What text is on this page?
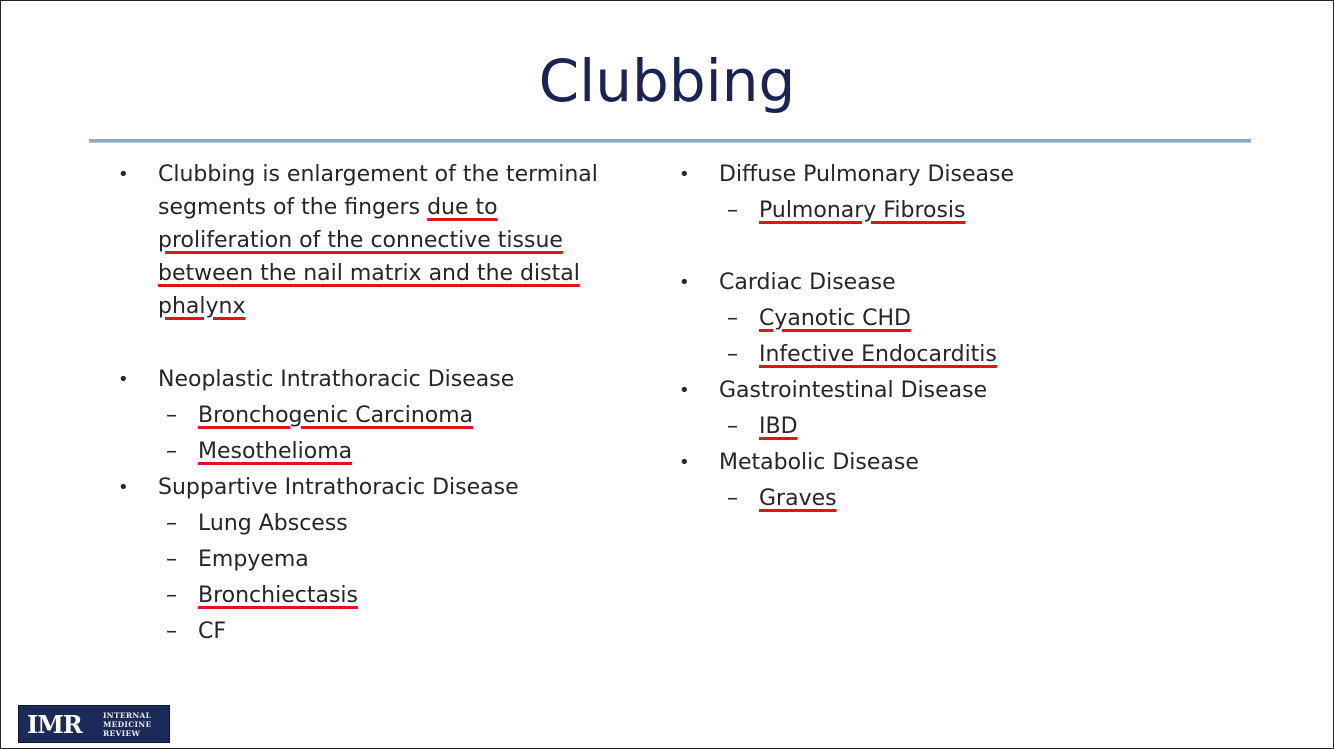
Clubbing
•	Clubbing is enlargement of the terminal segments of the fingers due to proliferation of the connective tissue between the nail matrix and the distal phalynx
•	Neoplastic Intrathoracic Disease
– Bronchogenic Carcinoma
– Mesothelioma
•	Suppartive Intrathoracic Disease
– Lung Abscess
– Empyema
– Bronchiectasis
– CF
•	Diffuse Pulmonary Disease
– Pulmonary Fibrosis
•	Cardiac Disease
– Cyanotic CHD
– Infective Endocarditis
•	Gastrointestinal Disease
– IBD
•	Metabolic Disease
– Graves
IMR	INTERNAL
MEDICINE
REVIEW
